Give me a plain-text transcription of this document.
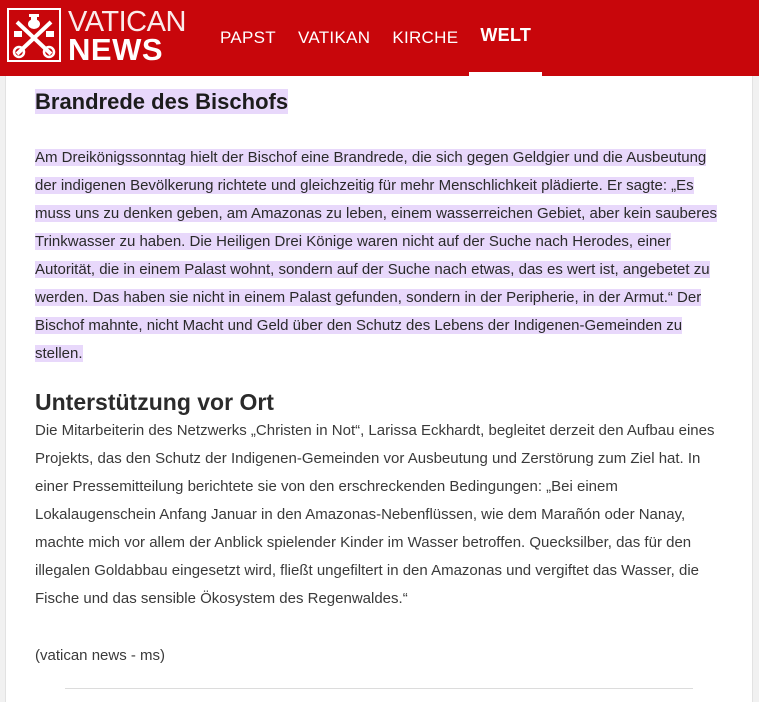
VATICAN
NEWS	PAPST VATIKAN KIRCHE WELT
Brandrede des Bischofs

Am Dreikönigssonntag hielt der Bischof eine Brandrede, die sich gegen Geldgier und die Ausbeutung der indigenen Bevölkerung richtete und gleichzeitig für mehr Menschlichkeit plädierte. Er sagte: „Es muss uns zu denken geben, am Amazonas zu leben, einem wasserreichen Gebiet, aber kein sauberes Trinkwasser zu haben. Die Heiligen Drei Könige waren nicht auf der Suche nach Herodes, einer Autorität, die in einem Palast wohnt, sondern auf der Suche nach etwas, das es wert ist, angebetet zu werden. Das haben sie nicht in einem Palast gefunden, sondern in der Peripherie, in der Armut.“ Der Bischof mahnte, nicht Macht und Geld über den Schutz des Lebens der Indigenen-Gemeinden zu stellen.

Unterstützung vor Ort

Die Mitarbeiterin des Netzwerks „Christen in Not“, Larissa Eckhardt, begleitet derzeit den Aufbau eines Projekts, das den Schutz der Indigenen-Gemeinden vor Ausbeutung und Zerstörung zum Ziel hat. In einer Pressemitteilung berichtete sie von den erschreckenden Bedingungen: „Bei einem Lokalaugenschein Anfang Januar in den Amazonas-Nebenflüssen, wie dem Marañón oder Nanay, machte mich vor allem der Anblick spielender Kinder im Wasser betroffen. Quecksilber, das für den illegalen Goldabbau eingesetzt wird, fließt ungefiltert in den Amazonas und vergiftet das Wasser, die Fische und das sensible Ökosystem des Regenwaldes.“

(vatican news - ms)
